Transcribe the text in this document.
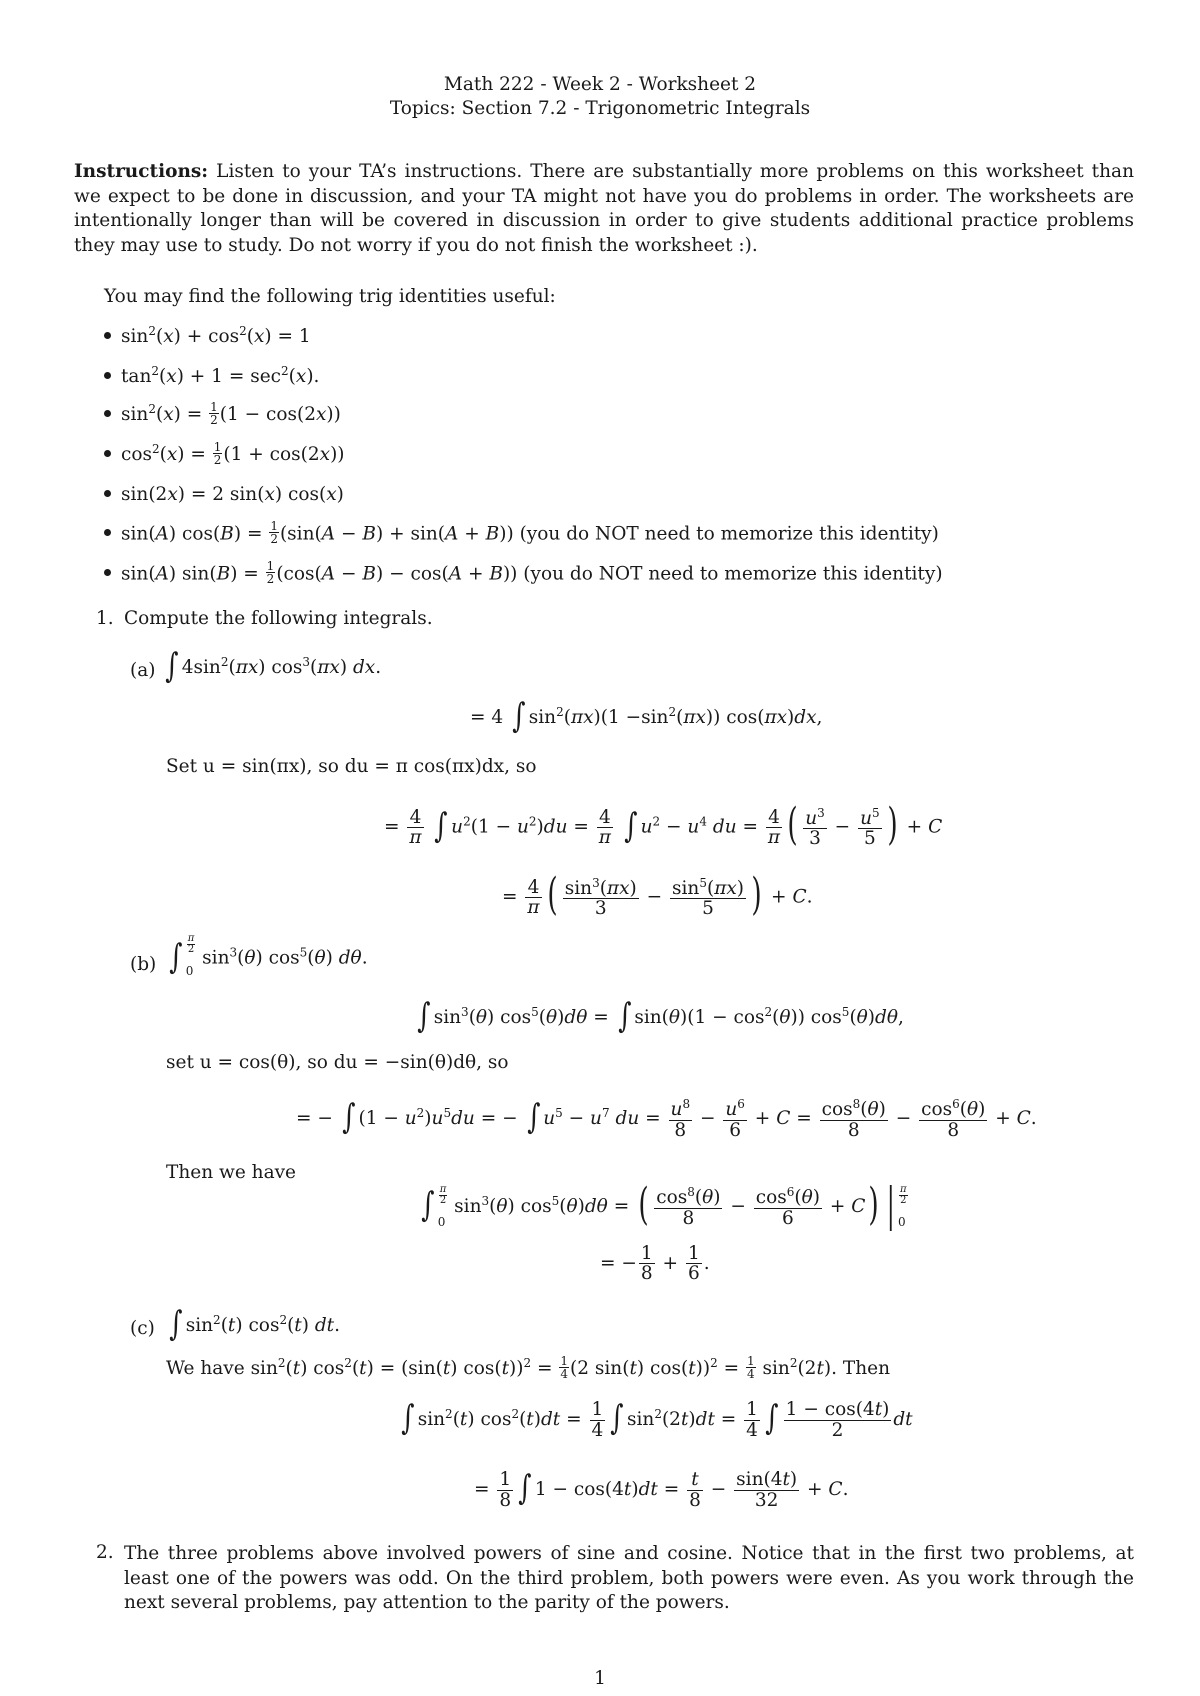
Math 222 - Week 2 - Worksheet 2
Topics: Section 7.2 - Trigonometric Integrals
Instructions: Listen to your TA’s instructions. There are substantially more problems on this worksheet than we expect to be done in discussion, and your TA might not have you do problems in order. The worksheets are intentionally longer than will be covered in discussion in order to give students additional practice problems they may use to study. Do not worry if you do not finish the worksheet :).
You may find the following trig identities useful:
$\sin^2(x) + \cos^2(x) = 1$
$\tan^2(x) + 1 = \sec^2(x)$.
$\sin^2(x) = \frac{1}{2} (1 - \cos(2x))$
$\cos^2(x) = \frac{1}{2} (1 + \cos(2x))$
sin(2x) = 2 sin(x) cos(x)
sin(A) $\cos(B) = \frac{1}{2} (\sin(A - B) + \sin(A + B))$ (you do NOT need to memorize this identity)
sin(A) $\sin(B) = \frac{1}{2} (\cos(A - B) - \cos(A + B))$ (you do NOT need to memorize this identity)
1. Compute the following integrals.
(a) ∫ $4\sin^2(\pi x)$ $\cos^3(\pi x)$ dx.
= 4 ∫ $\sin^2(\pi x)(1 -\sin^2(\pi x))$ cos(πx)dx,
Set u = sin(πx), so du = π cos(πx)dx, so
= $\frac{4}{\pi}$ ∫ $u^2(1 - u^2)du = \frac{4}{\pi}$ ∫ $u^2 - u^4$ du = $\frac{4}{\pi}$ ( $\frac{u^3}{3} - \frac{u^5}{5}$ ) + C
= $\frac{4}{\pi}$ ( $\frac{\sin^3(\pi x)}{3} - \frac{\sin^5(\pi x)}{5}$ ) + C.
(b) ∫ $\frac{\pi}{2}$
0
$\sin^3(\theta)$ $\cos^5(\theta)$ dθ.
∫ $\sin^3(\theta) \cos^5(\theta)d\theta$ = ∫ $\sin(\theta)(1 - \cos^2(\theta))$ $\cos^5(\theta)d\theta$,
set u = cos(θ), so du = −sin(θ)dθ, so
= − ∫ $(1 - u^2)u^5du$ = − ∫ $u^5 - u^7$ du = $\frac{u^8}{8} - \frac{u^6}{6} + C = \frac{\cos^8(\theta)}{8} - \frac{\cos^6(\theta)}{8} + C$.
Then we have
∫ $\frac{\pi}{2}$
0
$\sin^3(\theta) \cos^5(\theta)d\theta$ = ( $\frac{\cos^8(\theta)}{8} - \frac{\cos^6(\theta)}{6} + C$) | $\frac{\pi}{2}$
0
= − $\frac{1}{8} + \frac{1}{6}$ .
(c) ∫ $\sin^2(t)$ $\cos^2(t)$ dt.
We have $\sin^2(t) \cos^2(t) = (\sin(t) \cos(t))^2 = \frac{1}{4} (2$ sin(t) $\cos(t))^2 = \frac{1}{4} \sin^2(2t)$. Then
∫ $\sin^2(t) \cos^2(t)dt = \frac{1}{4}$ ∫ $\sin^2(2t)dt = \frac{1}{4}$ ∫ $\frac{1 - \cos(4t)}{2}$ dt
= $\frac{1}{8}$ ∫ $1 - \cos(4t)dt = \frac{t}{8} - \frac{\sin(4t)}{32} + C$.
2. The three problems above involved powers of sine and cosine. Notice that in the first two problems, at least one of the powers was odd. On the third problem, both powers were even. As you work through the next several problems, pay attention to the parity of the powers.
1
